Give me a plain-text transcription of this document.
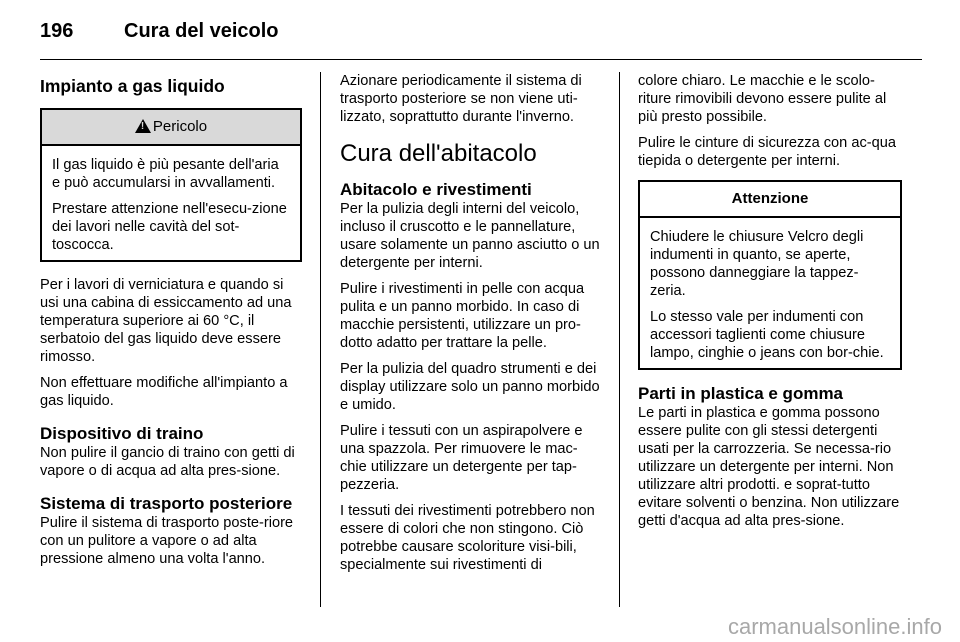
196	Cura del veicolo
Impianto a gas liquido
!Pericolo

Il gas liquido è più pesante dell'aria e può accumularsi in avvallamenti.

Prestare attenzione nell'esecu-zione dei lavori nelle cavità del sot-toscocca.

Per i lavori di verniciatura e quando si usi una cabina di essiccamento ad una temperatura superiore ai 60 °C, il serbatoio del gas liquido deve essere rimosso.

Non effettuare modifiche all'impianto a gas liquido.

Dispositivo di traino

Non pulire il gancio di traino con getti di vapore o di acqua ad alta pres-sione.

Sistema di trasporto posteriore

Pulire il sistema di trasporto poste-riore con un pulitore a vapore o ad alta pressione almeno una volta l'anno.

Azionare periodicamente il sistema di trasporto posteriore se non viene uti-lizzato, soprattutto durante l'inverno.

Cura dell'abitacolo
Abitacolo e rivestimenti

Per la pulizia degli interni del veicolo, incluso il cruscotto e le pannellature, usare solamente un panno asciutto o un detergente per interni.

Pulire i rivestimenti in pelle con acqua pulita e un panno morbido. In caso di macchie persistenti, utilizzare un pro-dotto adatto per trattare la pelle.

Per la pulizia del quadro strumenti e dei display utilizzare solo un panno morbido e umido.

Pulire i tessuti con un aspirapolvere e una spazzola. Per rimuovere le mac-chie utilizzare un detergente per tap-pezzeria.

I tessuti dei rivestimenti potrebbero non essere di colori che non stingono. Ciò potrebbe causare scoloriture visi-bili, specialmente sui rivestimenti di

colore chiaro. Le macchie e le scolo-riture rimovibili devono essere pulite al più presto possibile.

Pulire le cinture di sicurezza con ac-qua tiepida o detergente per interni.

Attenzione

Chiudere le chiusure Velcro degli indumenti in quanto, se aperte, possono danneggiare la tappez-zeria.

Lo stesso vale per indumenti con accessori taglienti come chiusure lampo, cinghie o jeans con bor-chie.

Parti in plastica e gomma

Le parti in plastica e gomma possono essere pulite con gli stessi detergenti usati per la carrozzeria. Se necessa-rio utilizzare un detergente per interni. Non utilizzare altri prodotti. e soprat-tutto evitare solventi o benzina. Non utilizzare getti d'acqua ad alta pres-sione.

carmanualsonline.info
